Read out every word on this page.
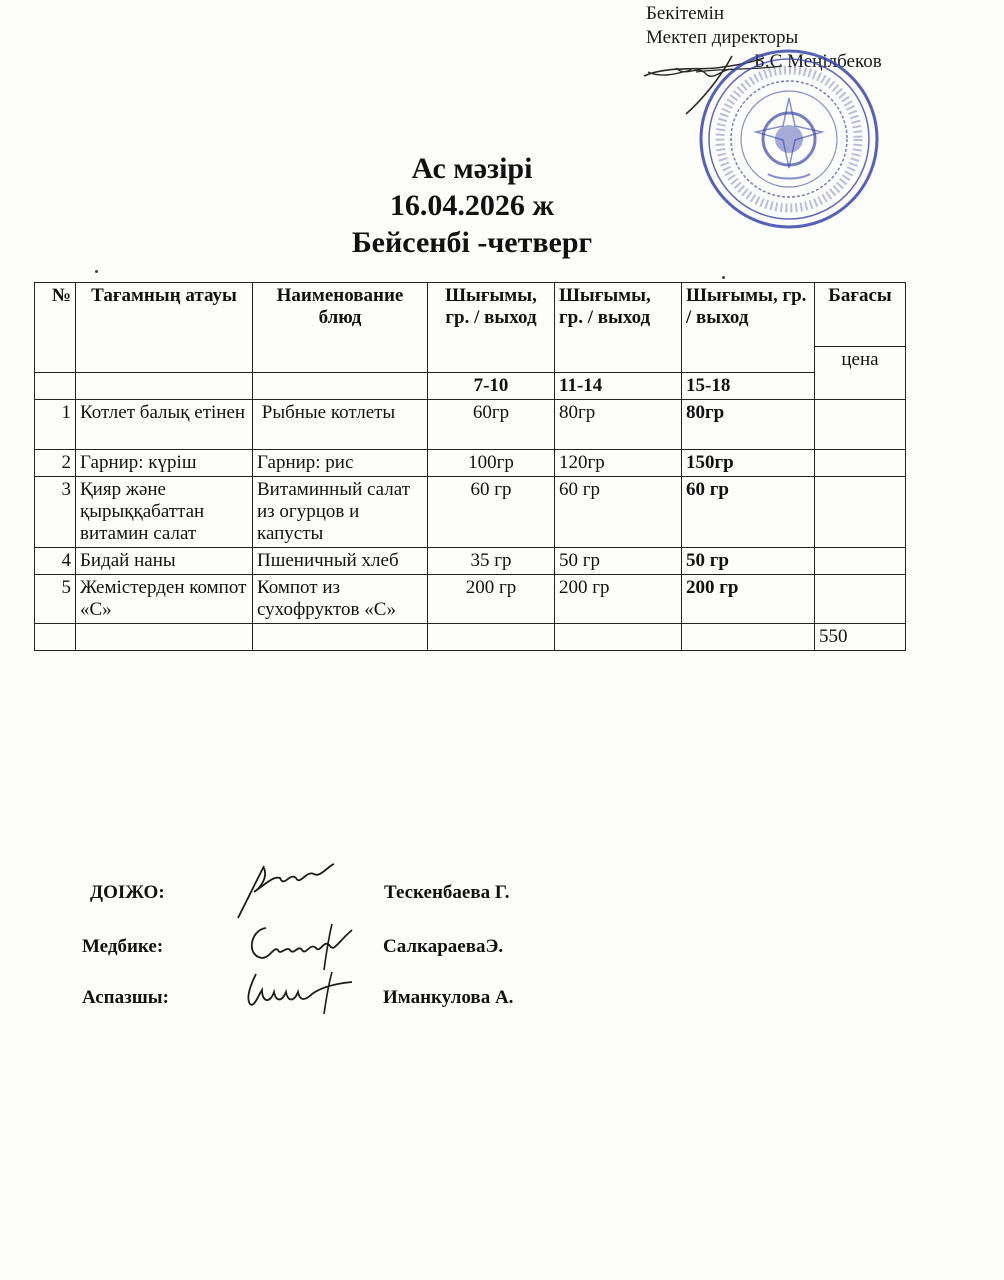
Бекітемін
Мектеп директоры
Б.С Меңілбеков
Ас мәзірі
16.04.2026 ж
Бейсенбі -четверг
№	Тағамның атауы	Наименование блюд	Шығымы, гр. / выход	Шығымы, гр. / выход	Шығымы, гр. / выход	Бағасы
						цена
			7-10	11-14	15-18	
1	Котлет балық етінен	Рыбные котлеты	60гр	80гр	80гр	
2	Гарнир: күріш	Гарнир: рис	100гр	120гр	150гр	
3	Қияр және қырыққабаттан витамин салат	Витаминный салат из огурцов и капусты	60 гр	60 гр	60 гр	
4	Бидай наны	Пшеничный хлеб	35 гр	50 гр	50 гр	
5	Жемістерден компот «С»	Компот из сухофруктов «С»	200 гр	200 гр	200 гр	
						550
ДОІЖО:	Тескенбаева Г.
Медбике:	СалкараеваЭ.
Аспазшы:	Иманкулова А.
